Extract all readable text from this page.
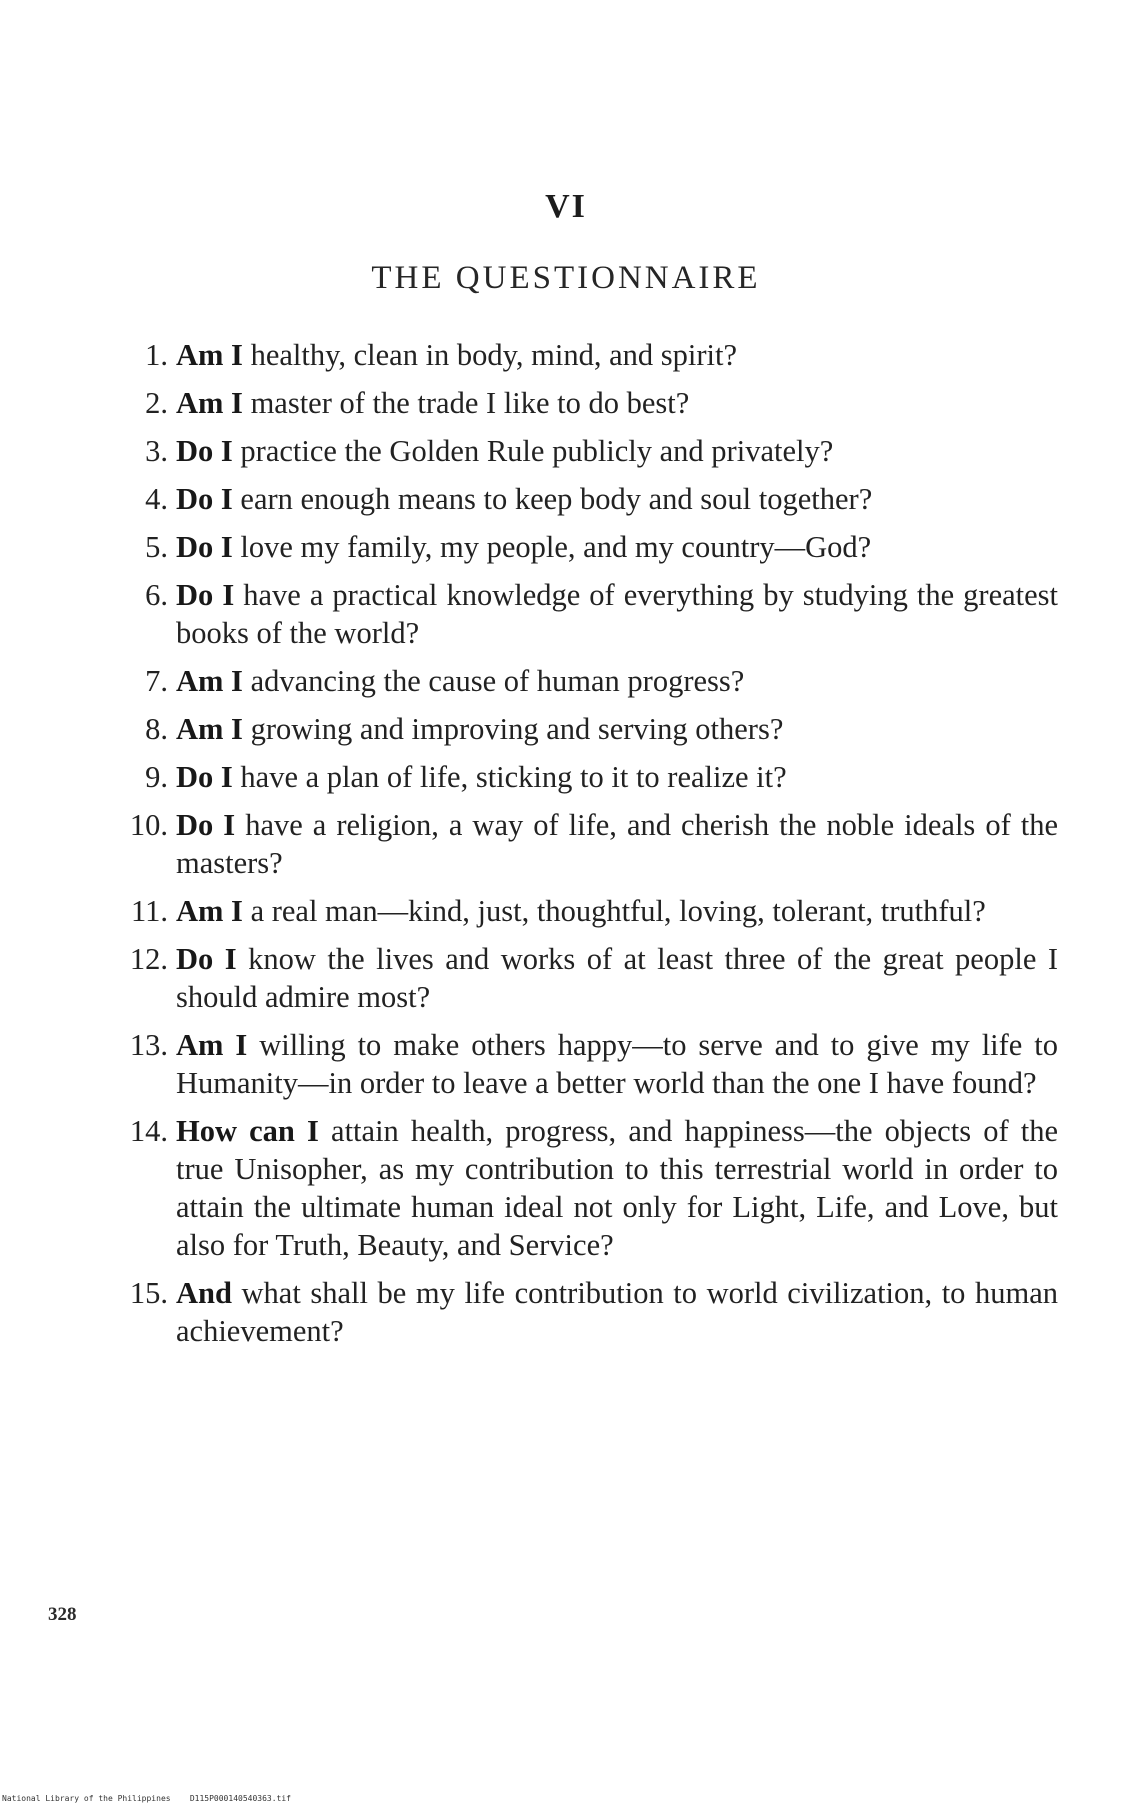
VI
THE QUESTIONNAIRE
1. Am I healthy, clean in body, mind, and spirit?
2. Am I master of the trade I like to do best?
3. Do I practice the Golden Rule publicly and privately?
4. Do I earn enough means to keep body and soul together?
5. Do I love my family, my people, and my country—God?
6. Do I have a practical knowledge of everything by studying the greatest books of the world?
7. Am I advancing the cause of human progress?
8. Am I growing and improving and serving others?
9. Do I have a plan of life, sticking to it to realize it?
10. Do I have a religion, a way of life, and cherish the noble ideals of the masters?
11. Am I a real man—kind, just, thoughtful, loving, tolerant, truthful?
12. Do I know the lives and works of at least three of the great people I should admire most?
13. Am I willing to make others happy—to serve and to give my life to Humanity—in order to leave a better world than the one I have found?
14. How can I attain health, progress, and happiness—the objects of the true Unisopher, as my contribution to this terrestrial world in order to attain the ultimate human ideal not only for Light, Life, and Love, but also for Truth, Beauty, and Service?
15. And what shall be my life contribution to world civilization, to human achievement?
328
National Library of the Philippines    D115P000140540363.tif
